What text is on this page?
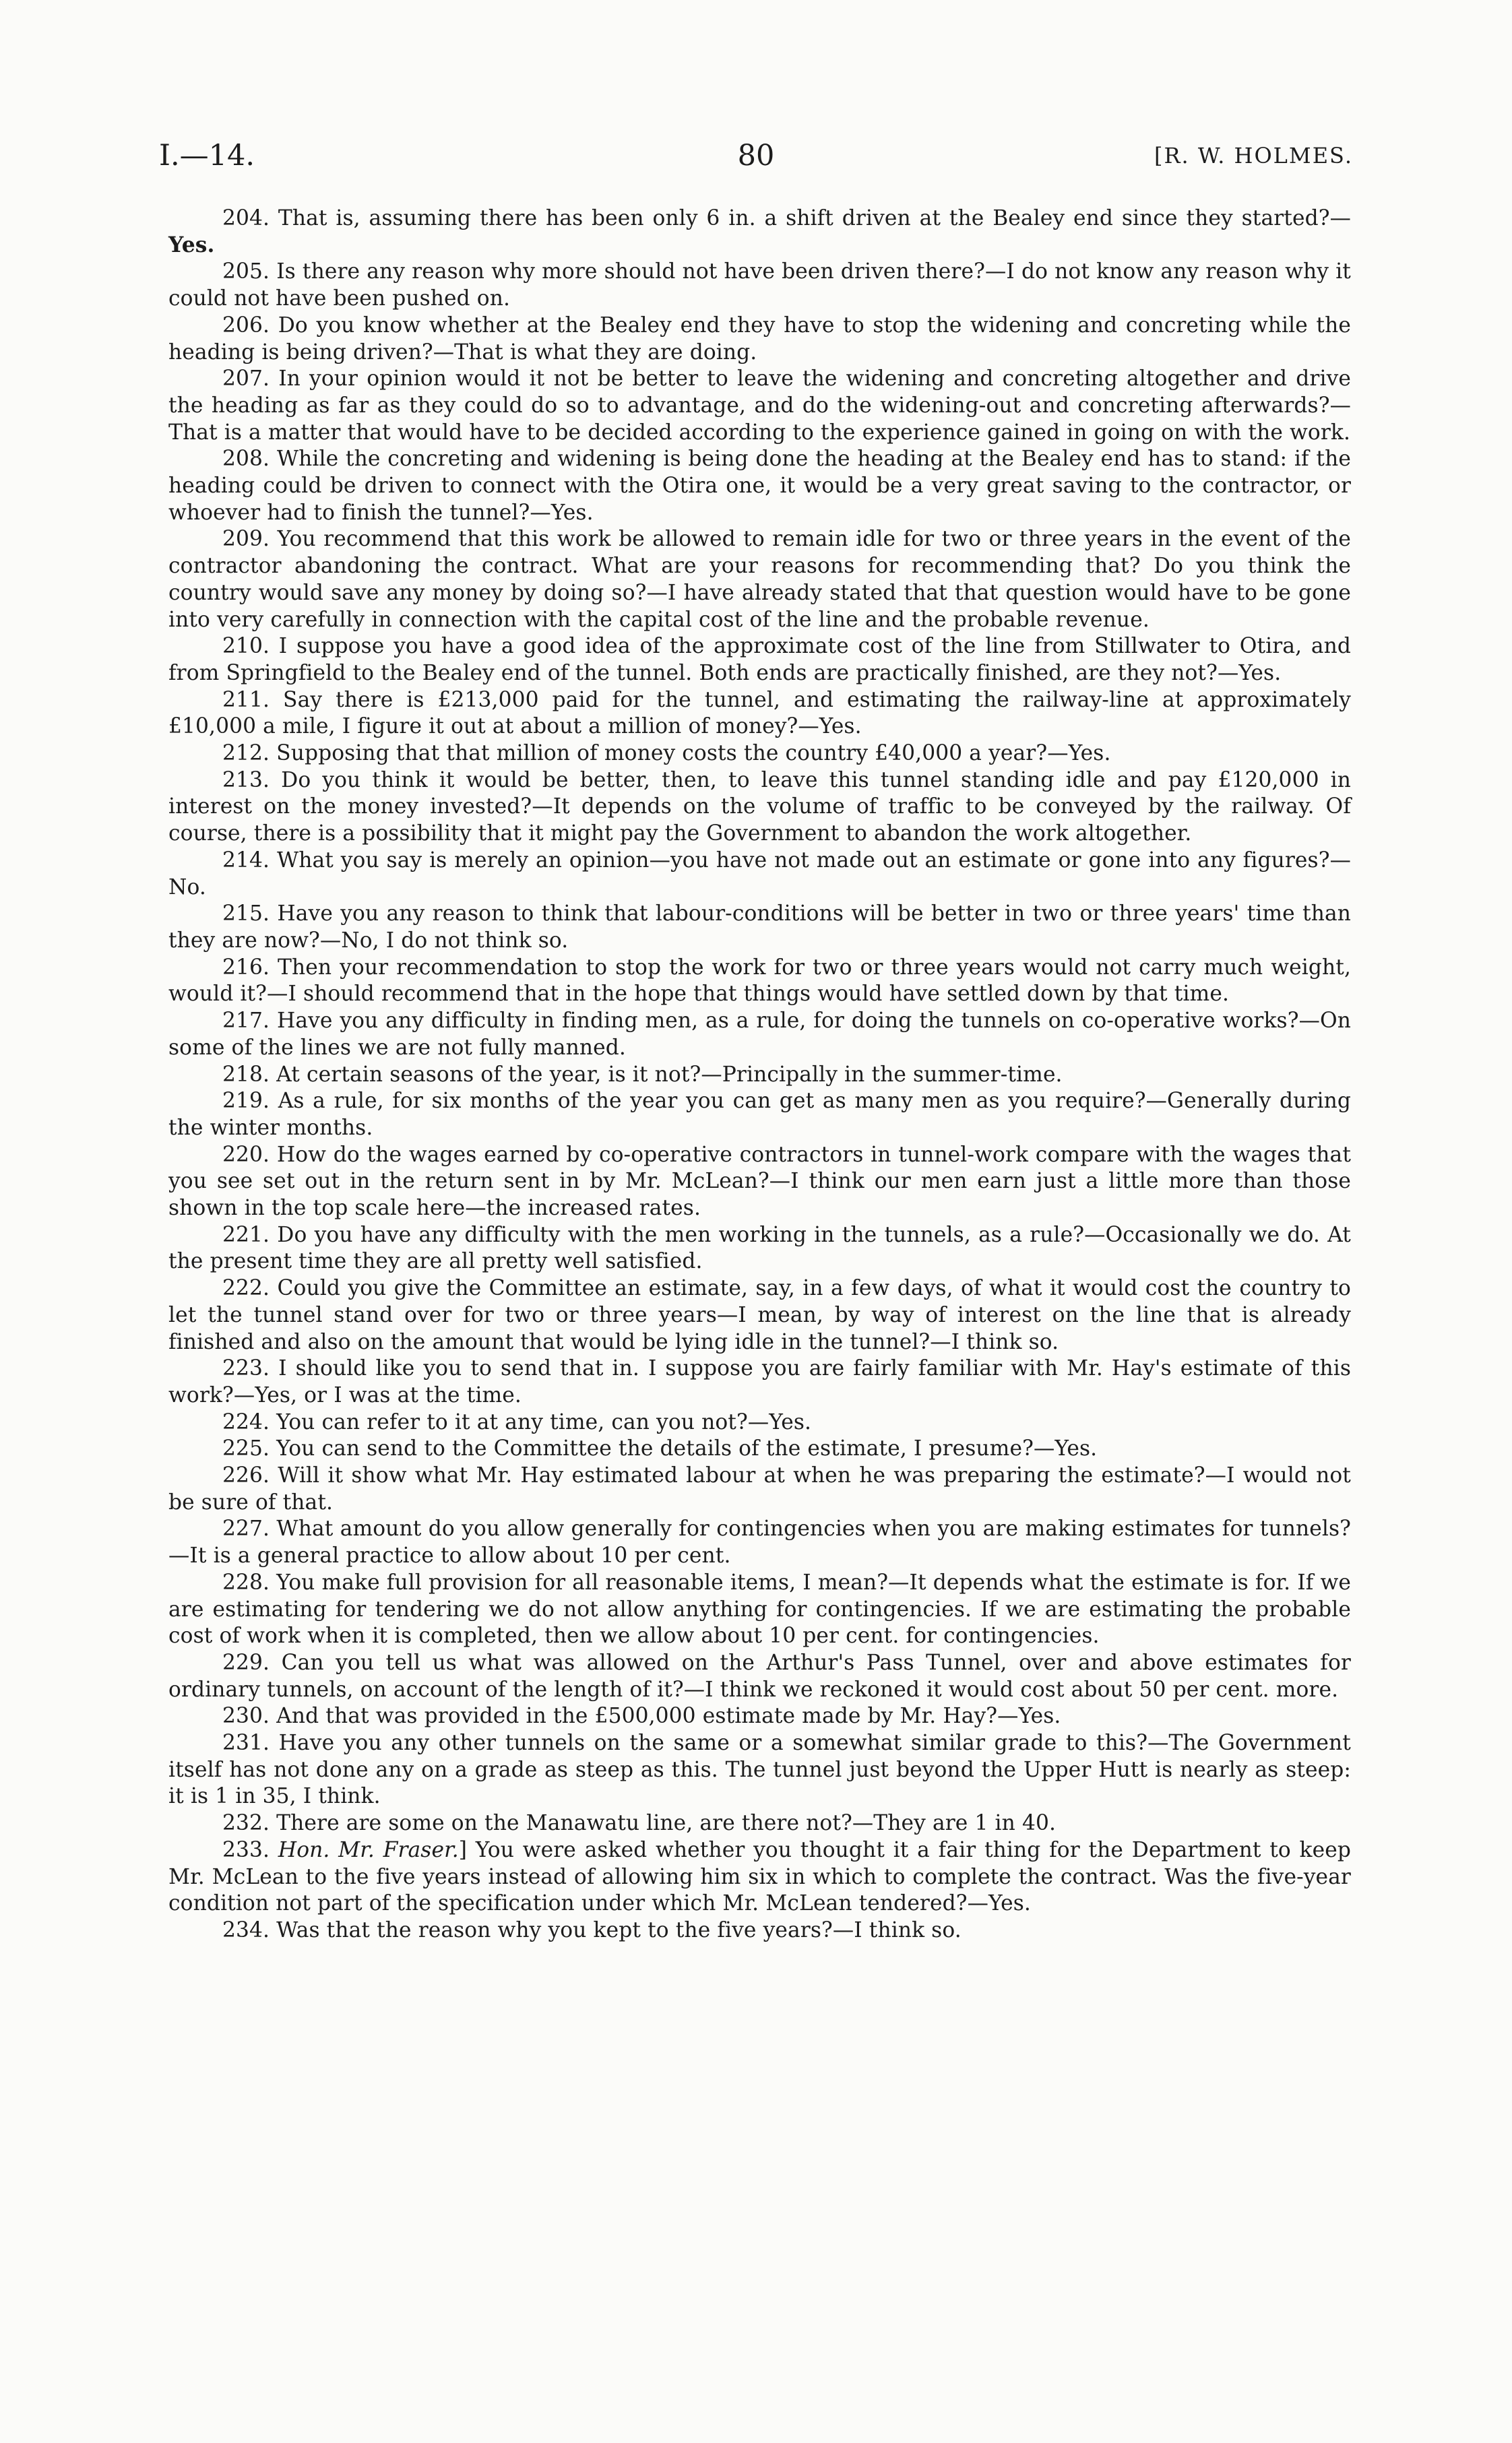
I.—14.	80	[R. W. HOLMES.

204. That is, assuming there has been only 6 in. a shift driven at the Bealey end since they started?—Yes.

205. Is there any reason why more should not have been driven there?—I do not know any reason why it could not have been pushed on.

206. Do you know whether at the Bealey end they have to stop the widening and concreting while the heading is being driven?—That is what they are doing.

207. In your opinion would it not be better to leave the widening and concreting altogether and drive the heading as far as they could do so to advantage, and do the widening-out and concreting afterwards?—That is a matter that would have to be decided according to the experience gained in going on with the work.

208. While the concreting and widening is being done the heading at the Bealey end has to stand: if the heading could be driven to connect with the Otira one, it would be a very great saving to the contractor, or whoever had to finish the tunnel?—Yes.

209. You recommend that this work be allowed to remain idle for two or three years in the event of the contractor abandoning the contract. What are your reasons for recommending that? Do you think the country would save any money by doing so?—I have already stated that that question would have to be gone into very carefully in connection with the capital cost of the line and the probable revenue.

210. I suppose you have a good idea of the approximate cost of the line from Stillwater to Otira, and from Springfield to the Bealey end of the tunnel. Both ends are practically finished, are they not?—Yes.

211. Say there is £213,000 paid for the tunnel, and estimating the railway-line at approximately £10,000 a mile, I figure it out at about a million of money?—Yes.

212. Supposing that that million of money costs the country £40,000 a year?—Yes.

213. Do you think it would be better, then, to leave this tunnel standing idle and pay £120,000 in interest on the money invested?—It depends on the volume of traffic to be conveyed by the railway. Of course, there is a possibility that it might pay the Government to abandon the work altogether.

214. What you say is merely an opinion—you have not made out an estimate or gone into any figures?—No.

215. Have you any reason to think that labour-conditions will be better in two or three years' time than they are now?—No, I do not think so.

216. Then your recommendation to stop the work for two or three years would not carry much weight, would it?—I should recommend that in the hope that things would have settled down by that time.

217. Have you any difficulty in finding men, as a rule, for doing the tunnels on co-operative works?—On some of the lines we are not fully manned.

218. At certain seasons of the year, is it not?—Principally in the summer-time.

219. As a rule, for six months of the year you can get as many men as you require?—Generally during the winter months.

220. How do the wages earned by co-operative contractors in tunnel-work compare with the wages that you see set out in the return sent in by Mr. McLean?—I think our men earn just a little more than those shown in the top scale here—the increased rates.

221. Do you have any difficulty with the men working in the tunnels, as a rule?—Occasionally we do. At the present time they are all pretty well satisfied.

222. Could you give the Committee an estimate, say, in a few days, of what it would cost the country to let the tunnel stand over for two or three years—I mean, by way of interest on the line that is already finished and also on the amount that would be lying idle in the tunnel?—I think so.

223. I should like you to send that in. I suppose you are fairly familiar with Mr. Hay's estimate of this work?—Yes, or I was at the time.

224. You can refer to it at any time, can you not?—Yes.

225. You can send to the Committee the details of the estimate, I presume?—Yes.

226. Will it show what Mr. Hay estimated labour at when he was preparing the estimate?—I would not be sure of that.

227. What amount do you allow generally for contingencies when you are making estimates for tunnels?—It is a general practice to allow about 10 per cent.

228. You make full provision for all reasonable items, I mean?—It depends what the estimate is for. If we are estimating for tendering we do not allow anything for contingencies. If we are estimating the probable cost of work when it is completed, then we allow about 10 per cent. for contingencies.

229. Can you tell us what was allowed on the Arthur's Pass Tunnel, over and above estimates for ordinary tunnels, on account of the length of it?—I think we reckoned it would cost about 50 per cent. more.

230. And that was provided in the £500,000 estimate made by Mr. Hay?—Yes.

231. Have you any other tunnels on the same or a somewhat similar grade to this?—The Government itself has not done any on a grade as steep as this. The tunnel just beyond the Upper Hutt is nearly as steep: it is 1 in 35, I think.

232. There are some on the Manawatu line, are there not?—They are 1 in 40.

233. Hon. Mr. Fraser.] You were asked whether you thought it a fair thing for the Department to keep Mr. McLean to the five years instead of allowing him six in which to complete the contract. Was the five-year condition not part of the specification under which Mr. McLean tendered?—Yes.

234. Was that the reason why you kept to the five years?—I think so.
